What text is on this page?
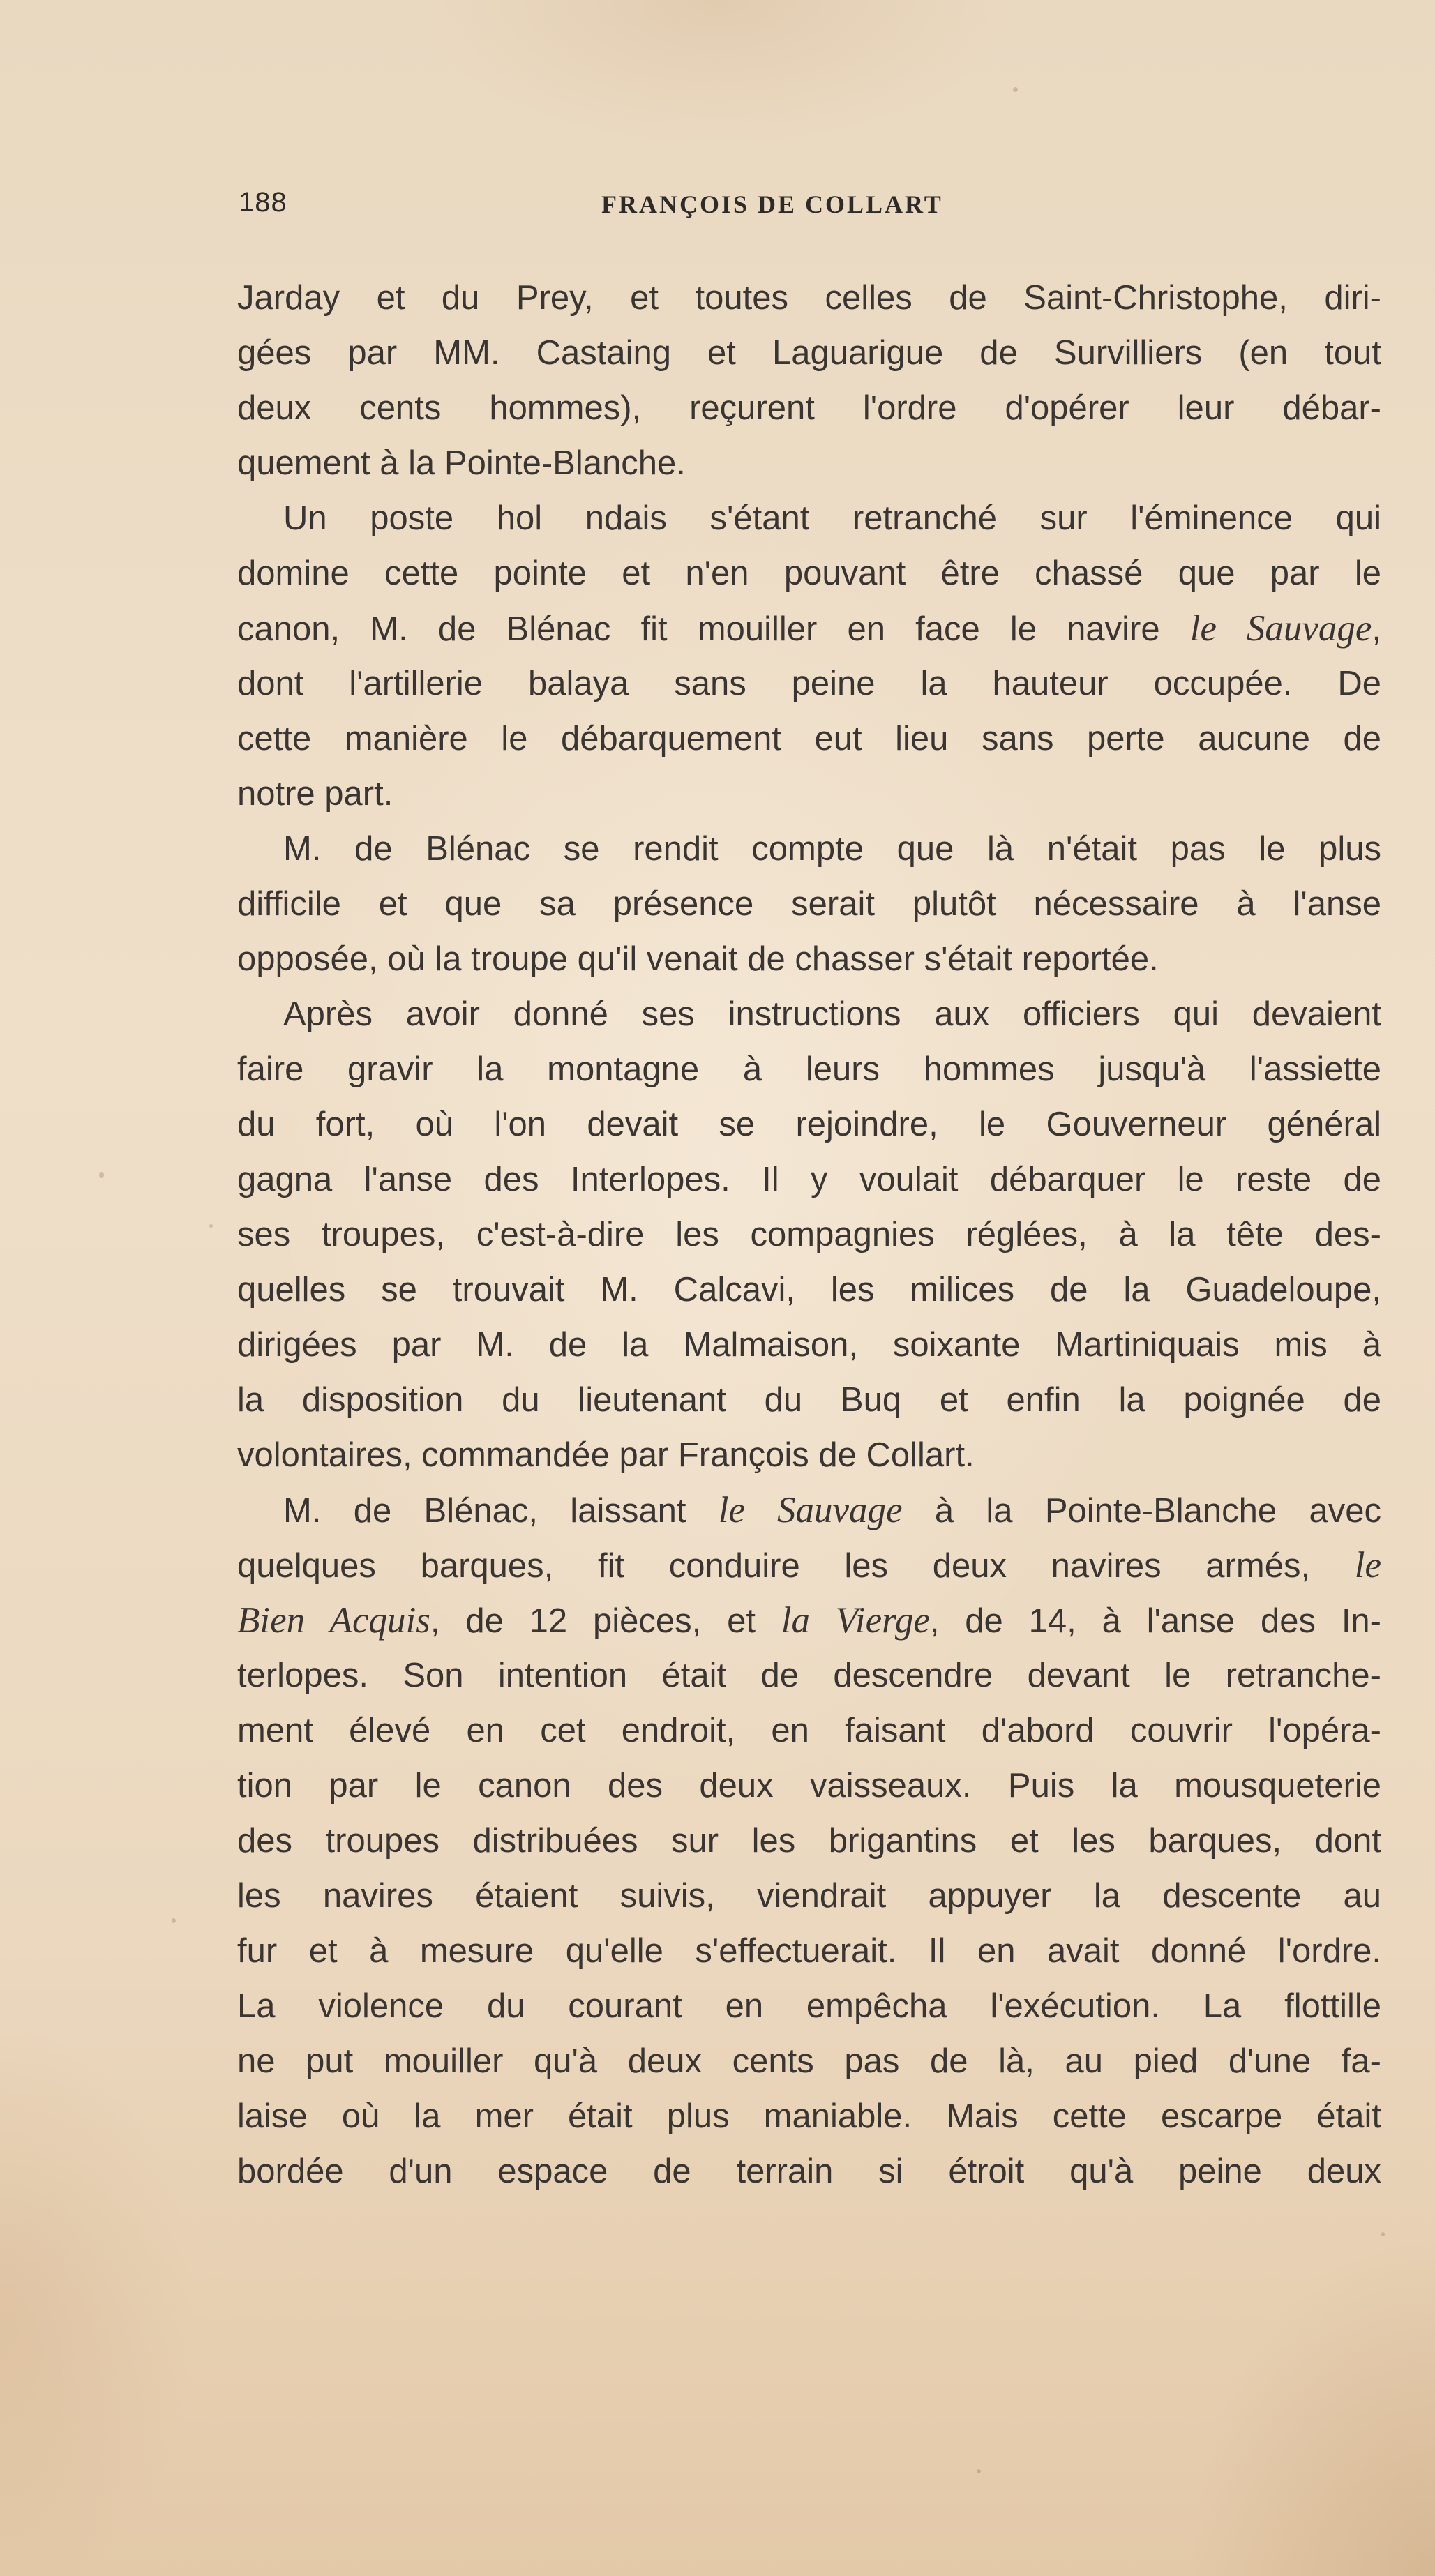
188	FRANÇOIS DE COLLART
Jarday et du Prey, et toutes celles de Saint-Christophe, diri-
gées par MM. Castaing et Laguarigue de Survilliers (en tout
deux cents hommes), reçurent l'ordre d'opérer leur débar-
quement à la Pointe-Blanche.
Un poste hol ndais s'étant retranché sur l'éminence qui
domine cette pointe et n'en pouvant être chassé que par le
canon, M. de Blénac fit mouiller en face le navire le Sauvage,
dont l'artillerie balaya sans peine la hauteur occupée. De
cette manière le débarquement eut lieu sans perte aucune de
notre part.
M. de Blénac se rendit compte que là n'était pas le plus
difficile et que sa présence serait plutôt nécessaire à l'anse
opposée, où la troupe qu'il venait de chasser s'était reportée.
Après avoir donné ses instructions aux officiers qui devaient
faire gravir la montagne à leurs hommes jusqu'à l'assiette
du fort, où l'on devait se rejoindre, le Gouverneur général
gagna l'anse des Interlopes. Il y voulait débarquer le reste de
ses troupes, c'est-à-dire les compagnies réglées, à la tête des-
quelles se trouvait M. Calcavi, les milices de la Guadeloupe,
dirigées par M. de la Malmaison, soixante Martiniquais mis à
la disposition du lieutenant du Buq et enfin la poignée de
volontaires, commandée par François de Collart.
M. de Blénac, laissant le Sauvage à la Pointe-Blanche avec
quelques barques, fit conduire les deux navires armés, le
Bien Acquis, de 12 pièces, et la Vierge, de 14, à l'anse des In-
terlopes. Son intention était de descendre devant le retranche-
ment élevé en cet endroit, en faisant d'abord couvrir l'opéra-
tion par le canon des deux vaisseaux. Puis la mousqueterie
des troupes distribuées sur les brigantins et les barques, dont
les navires étaient suivis, viendrait appuyer la descente au
fur et à mesure qu'elle s'effectuerait. Il en avait donné l'ordre.
La violence du courant en empêcha l'exécution. La flottille
ne put mouiller qu'à deux cents pas de là, au pied d'une fa-
laise où la mer était plus maniable. Mais cette escarpe était
bordée d'un espace de terrain si étroit qu'à peine deux
